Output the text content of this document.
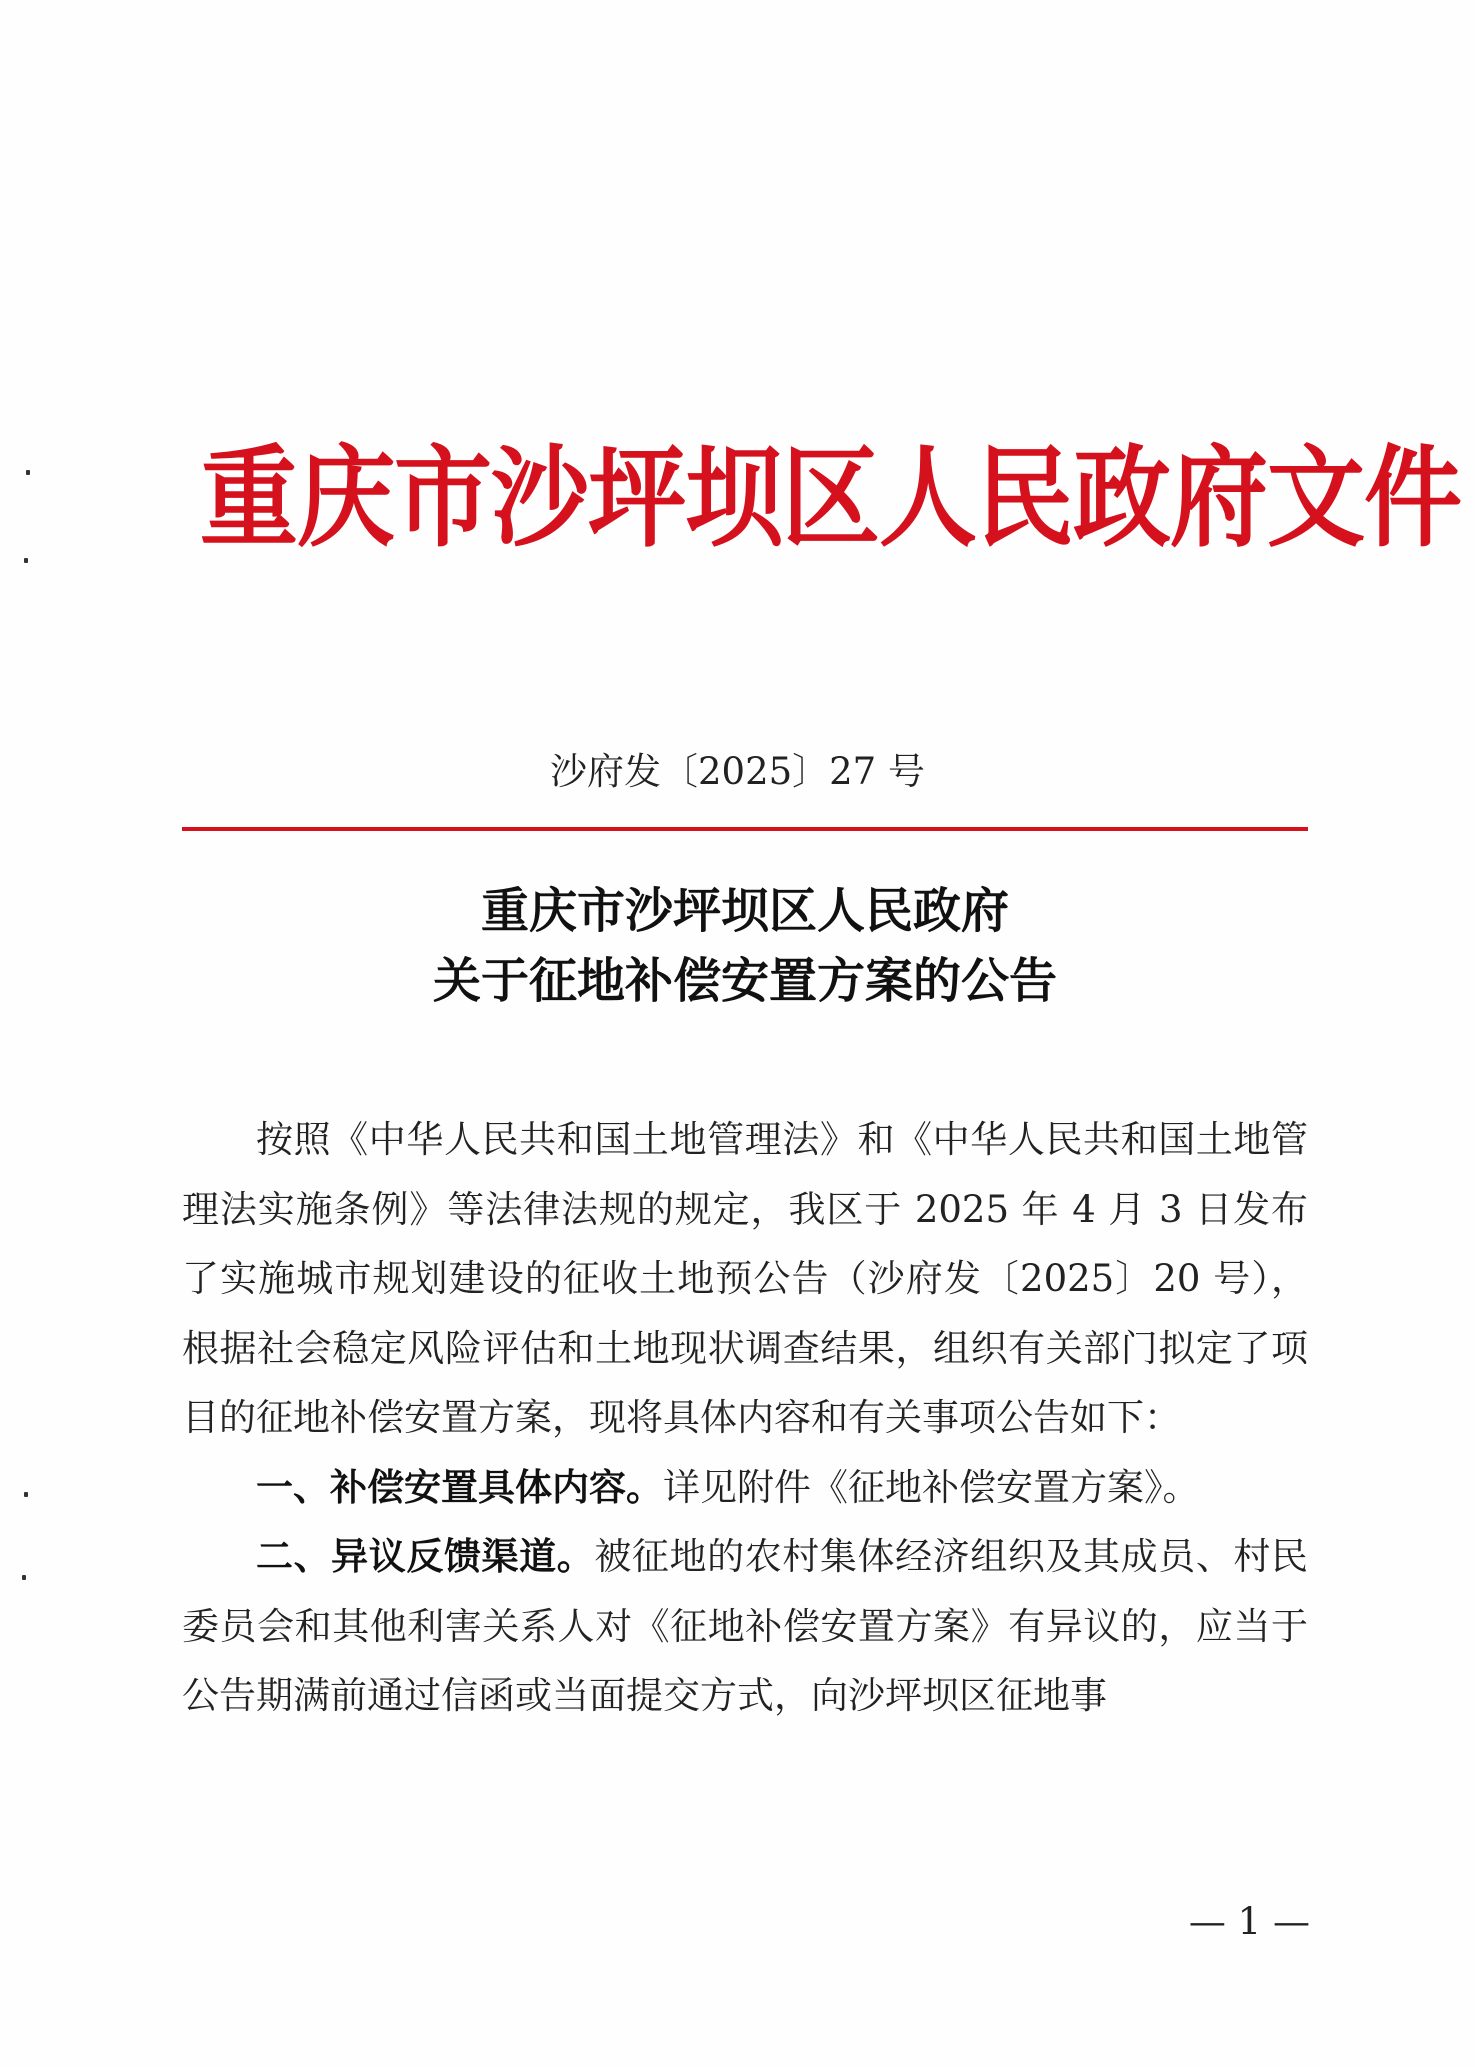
重庆市沙坪坝区人民政府文件
沙府发〔2025〕27 号
重庆市沙坪坝区人民政府
关于征地补偿安置方案的公告

按照《中华人民共和国土地管理法》和《中华人民共和国土地管理法实施条例》等法律法规的规定，我区于 2025 年 4 月 3 日发布了实施城市规划建设的征收土地预公告（沙府发〔2025〕20 号），根据社会稳定风险评估和土地现状调查结果，组织有关部门拟定了项目的征地补偿安置方案，现将具体内容和有关事项公告如下：

一、补偿安置具体内容。详见附件《征地补偿安置方案》。

二、异议反馈渠道。被征地的农村集体经济组织及其成员、村民委员会和其他利害关系人对《征地补偿安置方案》有异议的，应当于公告期满前通过信函或当面提交方式，向沙坪坝区征地事

— 1 —
